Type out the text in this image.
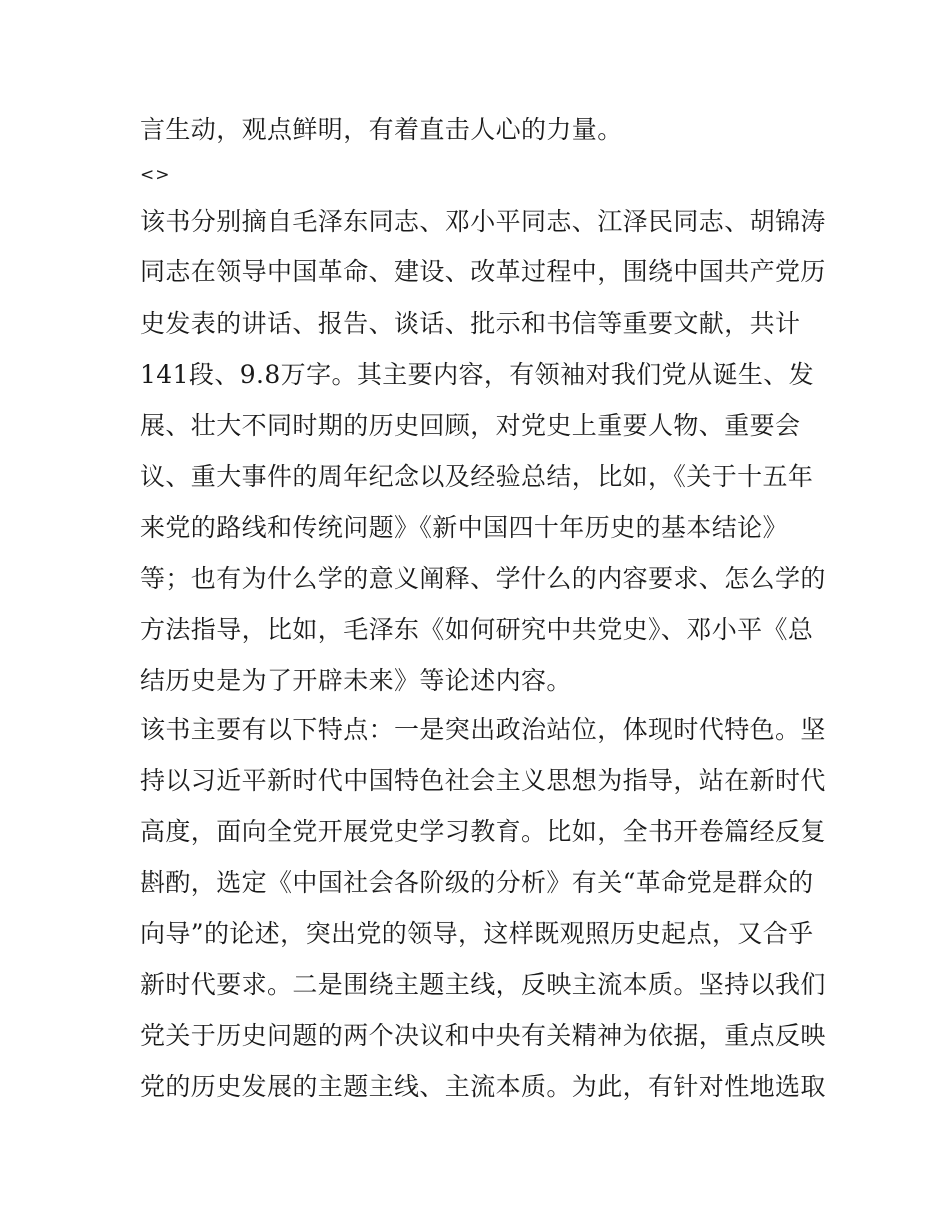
言生动，观点鲜明，有着直击人心的力量。
<>
该书分别摘自毛泽东同志、邓小平同志、江泽民同志、胡锦涛
同志在领导中国革命、建设、改革过程中，围绕中国共产党历
史发表的讲话、报告、谈话、批示和书信等重要文献，共计
141段、9.8万字。其主要内容，有领袖对我们党从诞生、发
展、壮大不同时期的历史回顾，对党史上重要人物、重要会
议、重大事件的周年纪念以及经验总结，比如，《关于十五年
来党的路线和传统问题》《新中国四十年历史的基本结论》
等；也有为什么学的意义阐释、学什么的内容要求、怎么学的
方法指导，比如，毛泽东《如何研究中共党史》、邓小平《总
结历史是为了开辟未来》等论述内容。
该书主要有以下特点：一是突出政治站位，体现时代特色。坚
持以习近平新时代中国特色社会主义思想为指导，站在新时代
高度，面向全党开展党史学习教育。比如，全书开卷篇经反复
斟酌，选定《中国社会各阶级的分析》有关“革命党是群众的
向导”的论述，突出党的领导，这样既观照历史起点，又合乎
新时代要求。二是围绕主题主线，反映主流本质。坚持以我们
党关于历史问题的两个决议和中央有关精神为依据，重点反映
党的历史发展的主题主线、主流本质。为此，有针对性地选取
